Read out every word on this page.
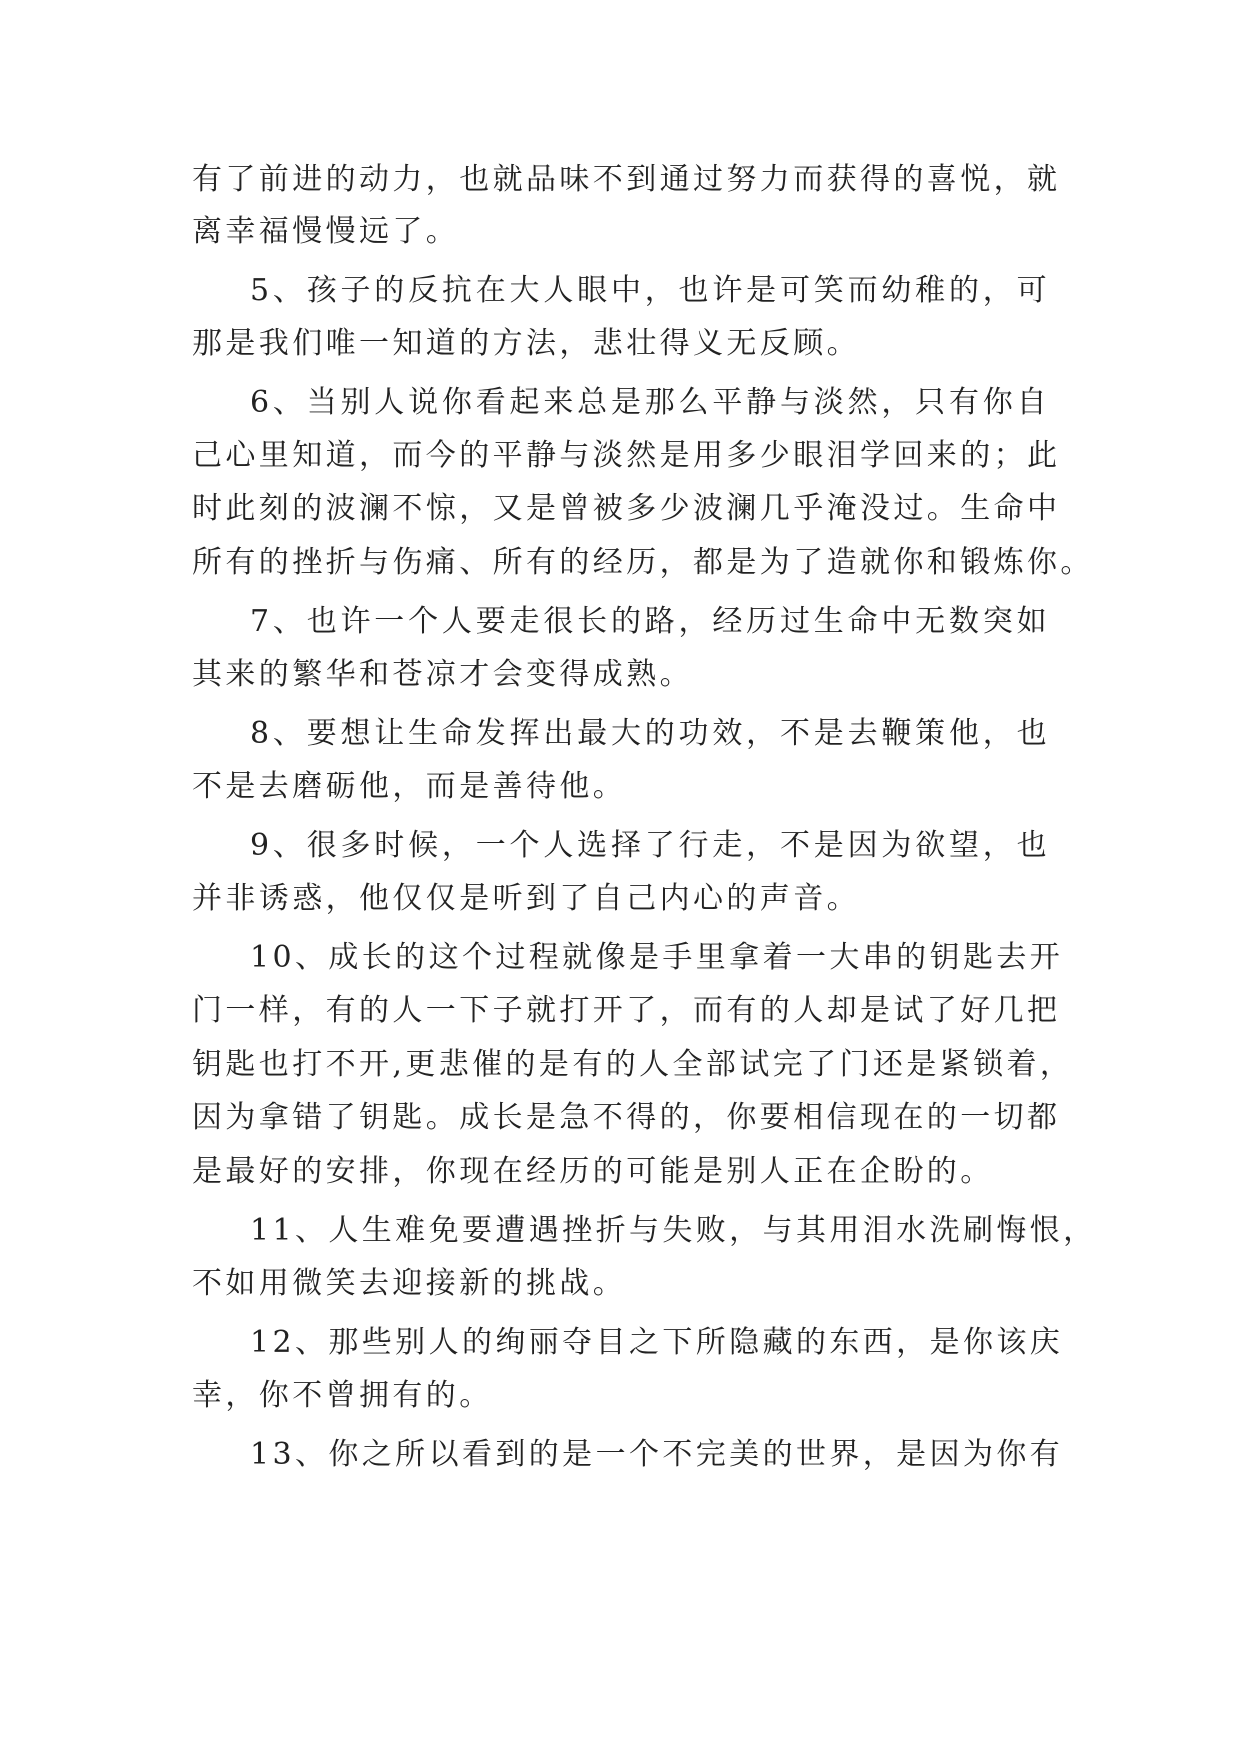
有了前进的动力，也就品味不到通过努力而获得的喜悦，就
离幸福慢慢远了。
5、孩子的反抗在大人眼中，也许是可笑而幼稚的，可
那是我们唯一知道的方法，悲壮得义无反顾。
6、当别人说你看起来总是那么平静与淡然，只有你自
己心里知道，而今的平静与淡然是用多少眼泪学回来的；此
时此刻的波澜不惊，又是曾被多少波澜几乎淹没过。生命中
所有的挫折与伤痛、所有的经历，都是为了造就你和锻炼你。
7、也许一个人要走很长的路，经历过生命中无数突如
其来的繁华和苍凉才会变得成熟。
8、要想让生命发挥出最大的功效，不是去鞭策他，也
不是去磨砺他，而是善待他。
9、很多时候，一个人选择了行走，不是因为欲望，也
并非诱惑，他仅仅是听到了自己内心的声音。
10、成长的这个过程就像是手里拿着一大串的钥匙去开
门一样，有的人一下子就打开了，而有的人却是试了好几把
钥匙也打不开,更悲催的是有的人全部试完了门还是紧锁着，
因为拿错了钥匙。成长是急不得的，你要相信现在的一切都
是最好的安排，你现在经历的可能是别人正在企盼的。
11、人生难免要遭遇挫折与失败，与其用泪水洗刷悔恨，
不如用微笑去迎接新的挑战。
12、那些别人的绚丽夺目之下所隐藏的东西，是你该庆
幸，你不曾拥有的。
13、你之所以看到的是一个不完美的世界，是因为你有
